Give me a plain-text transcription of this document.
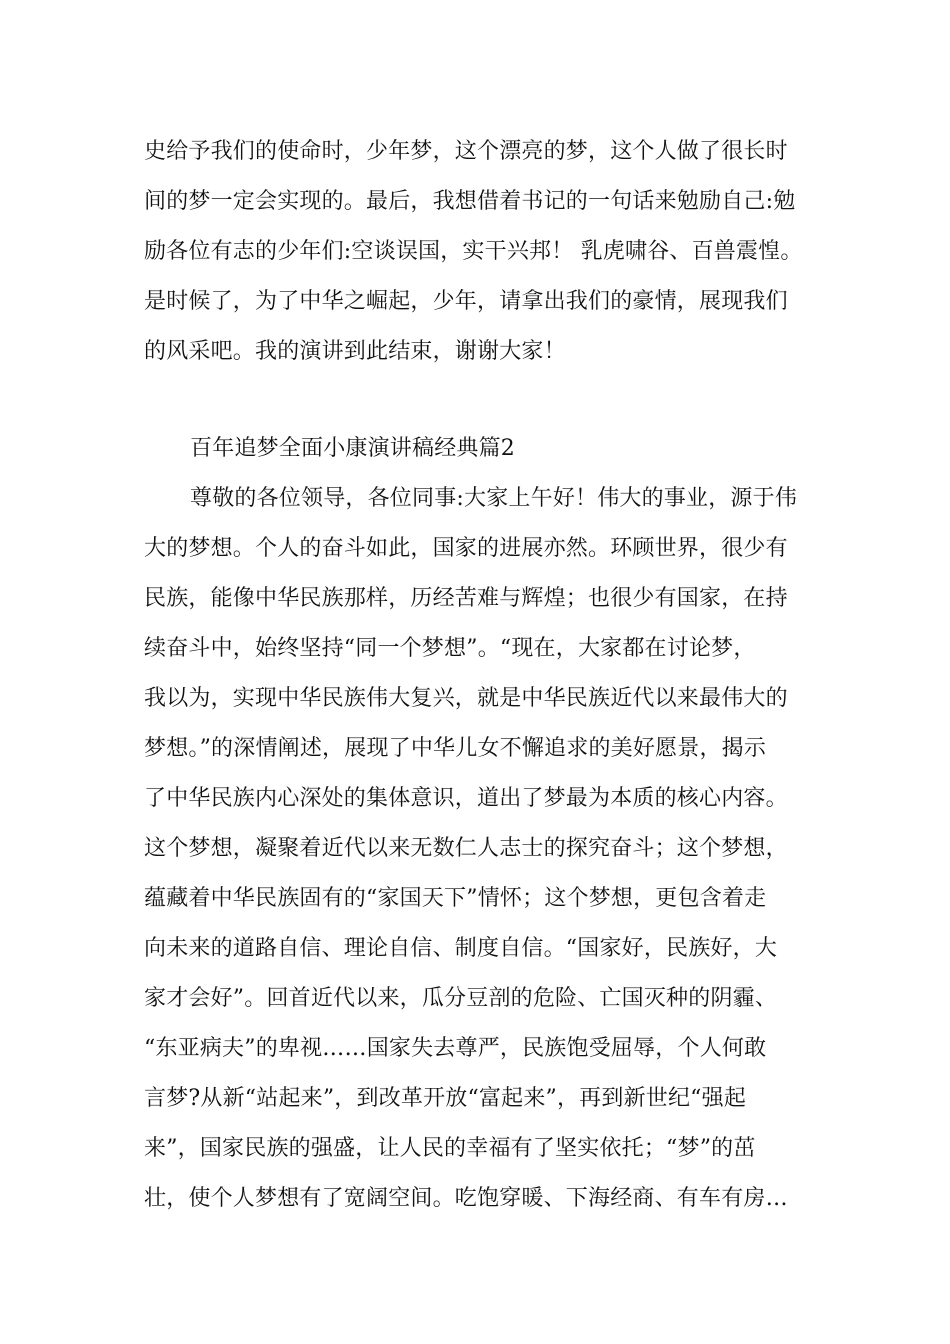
史给予我们的使命时，少年梦，这个漂亮的梦，这个人做了很长时
间的梦一定会实现的。最后，我想借着书记的一句话来勉励自己:勉
励各位有志的少年们:空谈误国，实干兴邦！ 乳虎啸谷、百兽震惶。
是时候了，为了中华之崛起，少年，请拿出我们的豪情，展现我们
的风采吧。我的演讲到此结束，谢谢大家！
百年追梦全面小康演讲稿经典篇2
尊敬的各位领导，各位同事:大家上午好！伟大的事业，源于伟
大的梦想。个人的奋斗如此，国家的进展亦然。环顾世界，很少有
民族，能像中华民族那样，历经苦难与辉煌；也很少有国家，在持
续奋斗中，始终坚持“同一个梦想”。“现在，大家都在讨论梦，
我以为，实现中华民族伟大复兴，就是中华民族近代以来最伟大的
梦想。”的深情阐述，展现了中华儿女不懈追求的美好愿景，揭示
了中华民族内心深处的集体意识，道出了梦最为本质的核心内容。
这个梦想，凝聚着近代以来无数仁人志士的探究奋斗；这个梦想，
蕴藏着中华民族固有的“家国天下”情怀；这个梦想，更包含着走
向未来的道路自信、理论自信、制度自信。“国家好，民族好，大
家才会好”。回首近代以来，瓜分豆剖的危险、亡国灭种的阴霾、
“东亚病夫”的卑视……国家失去尊严，民族饱受屈辱，个人何敢
言梦?从新“站起来”，到改革开放“富起来”，再到新世纪“强起
来”，国家民族的强盛，让人民的幸福有了坚实依托；“梦”的茁
壮，使个人梦想有了宽阔空间。吃饱穿暖、下海经商、有车有房…
